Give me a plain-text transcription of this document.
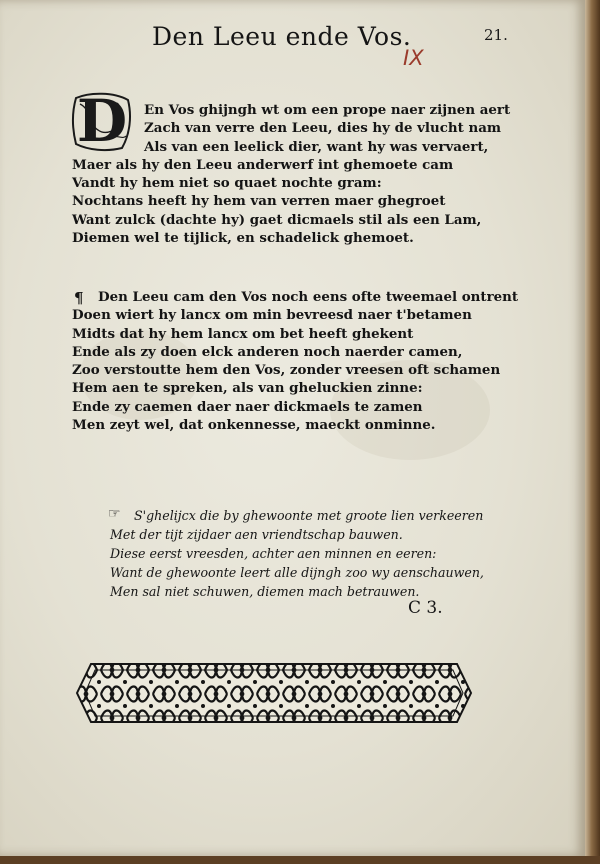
Den Leeu ende Vos.	21.
IX
D	En Vos ghijngh wt om een prope naer zijnen aert
Zach van verre den Leeu, dies hy de vlucht nam
Als van een leelick dier, want hy was vervaert,
Maer als hy den Leeu anderwerf int ghemoete cam
Vandt hy hem niet so quaet nochte gram:
Nochtans heeft hy hem van verren maer ghegroet
Want zulck (dachte hy) gaet dicmaels stil als een Lam,
Diemen wel te tijlick, en schadelick ghemoet.
¶	Den Leeu cam den Vos noch eens ofte tweemael ontrent
Doen wiert hy lancx om min bevreesd naer t'betamen
Midts dat hy hem lancx om bet heeft ghekent
Ende als zy doen elck anderen noch naerder camen,
Zoo verstoutte hem den Vos, zonder vreesen oft schamen
Hem aen te spreken, als van gheluckien zinne:
Ende zy caemen daer naer dickmaels te zamen
Men zeyt wel, dat onkennesse, maeckt onminne.
☞	S'ghelijcx die by ghewoonte met groote lien verkeeren
Met der tijt zijdaer aen vriendtschap bauwen.
Diese eerst vreesden, achter aen minnen en eeren:
Want de ghewoonte leert alle dijngh zoo wy aenschauwen,
Men sal niet schuwen, diemen mach betrauwen.
C 3.
